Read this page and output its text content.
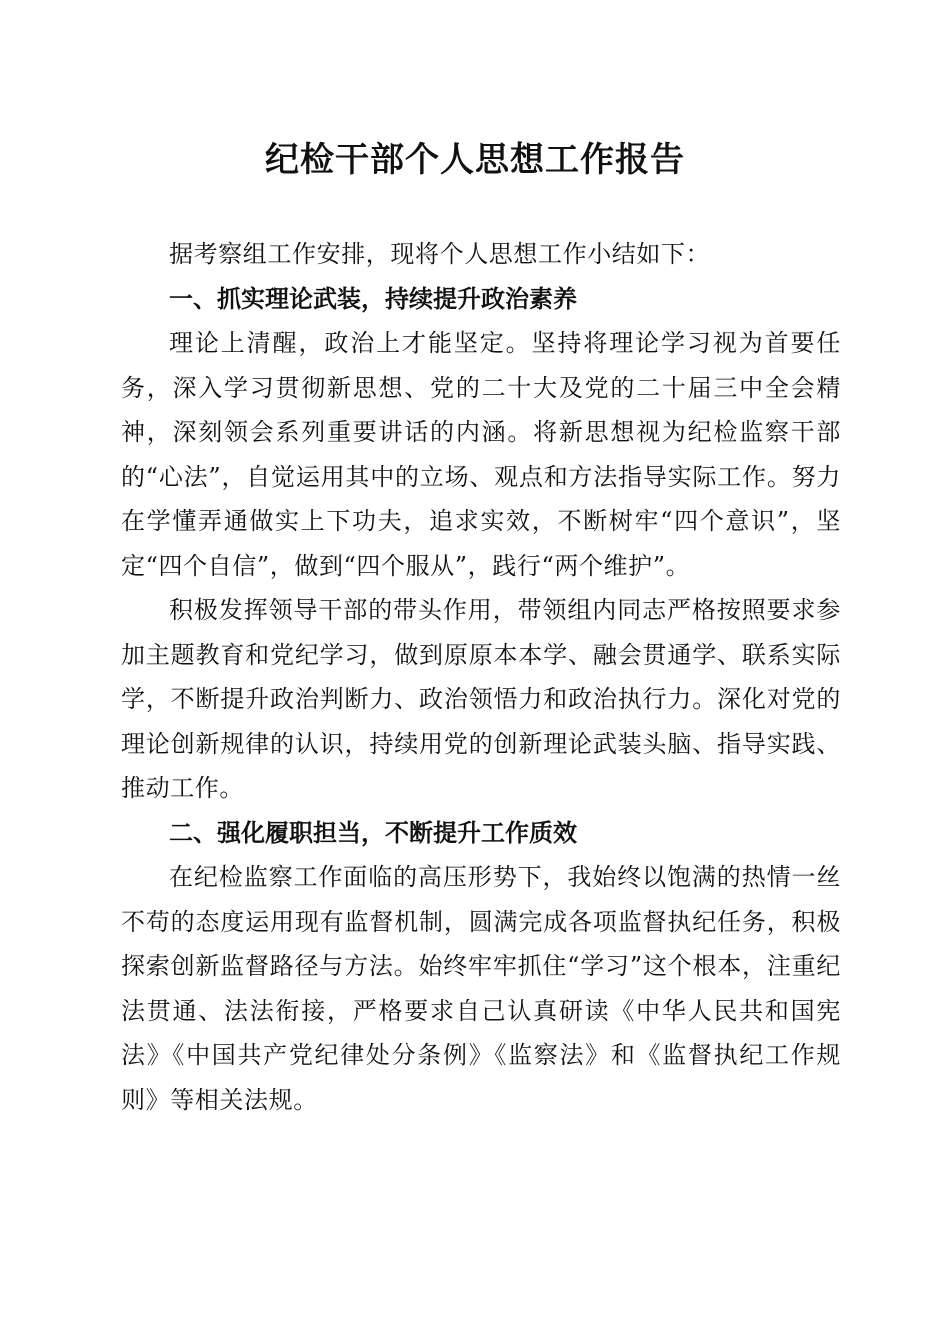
纪检干部个人思想工作报告

据考察组工作安排，现将个人思想工作小结如下：

一、抓实理论武装，持续提升政治素养

理论上清醒，政治上才能坚定。坚持将理论学习视为首要任务，深入学习贯彻新思想、党的二十大及党的二十届三中全会精神，深刻领会系列重要讲话的内涵。将新思想视为纪检监察干部的“心法”，自觉运用其中的立场、观点和方法指导实际工作。努力在学懂弄通做实上下功夫，追求实效，不断树牢“四个意识”，坚定“四个自信”，做到“四个服从”，践行“两个维护”。

积极发挥领导干部的带头作用，带领组内同志严格按照要求参加主题教育和党纪学习，做到原原本本学、融会贯通学、联系实际学，不断提升政治判断力、政治领悟力和政治执行力。深化对党的理论创新规律的认识，持续用党的创新理论武装头脑、指导实践、推动工作。

二、强化履职担当，不断提升工作质效

在纪检监察工作面临的高压形势下，我始终以饱满的热情一丝不苟的态度运用现有监督机制，圆满完成各项监督执纪任务，积极探索创新监督路径与方法。始终牢牢抓住“学习”这个根本，注重纪法贯通、法法衔接，严格要求自己认真研读《中华人民共和国宪法》《中国共产党纪律处分条例》《监察法》和《监督执纪工作规则》等相关法规。
